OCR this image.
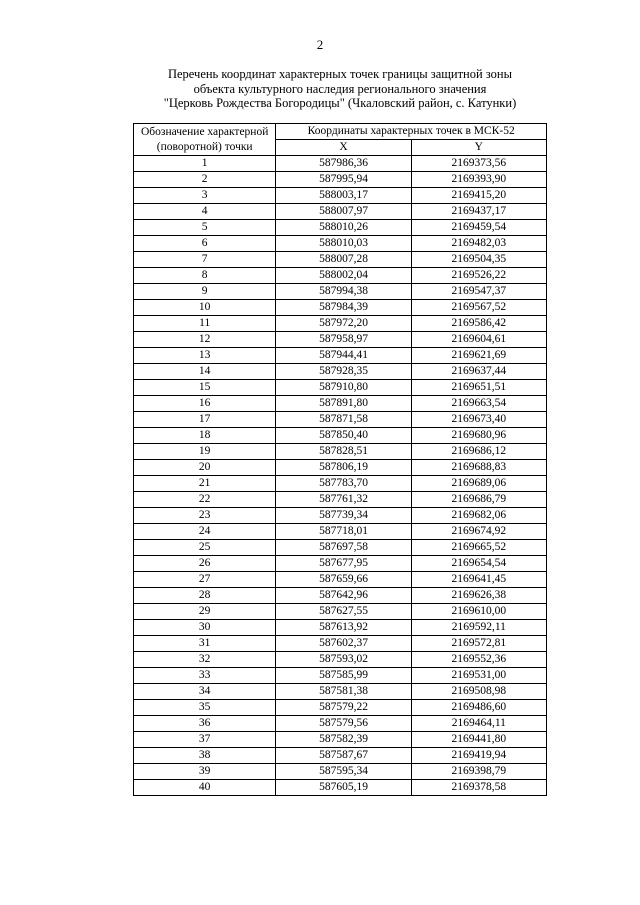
2
Перечень координат характерных точек границы защитной зоны
объекта культурного наследия регионального значения
"Церковь Рождества Богородицы" (Чкаловский район, с. Катунки)
Обозначение характерной (поворотной) точки	Координаты характерных точек в МСК-52	
	X	Y
1	587986,36	2169373,56
2	587995,94	2169393,90
3	588003,17	2169415,20
4	588007,97	2169437,17
5	588010,26	2169459,54
6	588010,03	2169482,03
7	588007,28	2169504,35
8	588002,04	2169526,22
9	587994,38	2169547,37
10	587984,39	2169567,52
11	587972,20	2169586,42
12	587958,97	2169604,61
13	587944,41	2169621,69
14	587928,35	2169637,44
15	587910,80	2169651,51
16	587891,80	2169663,54
17	587871,58	2169673,40
18	587850,40	2169680,96
19	587828,51	2169686,12
20	587806,19	2169688,83
21	587783,70	2169689,06
22	587761,32	2169686,79
23	587739,34	2169682,06
24	587718,01	2169674,92
25	587697,58	2169665,52
26	587677,95	2169654,54
27	587659,66	2169641,45
28	587642,96	2169626,38
29	587627,55	2169610,00
30	587613,92	2169592,11
31	587602,37	2169572,81
32	587593,02	2169552,36
33	587585,99	2169531,00
34	587581,38	2169508,98
35	587579,22	2169486,60
36	587579,56	2169464,11
37	587582,39	2169441,80
38	587587,67	2169419,94
39	587595,34	2169398,79
40	587605,19	2169378,58
